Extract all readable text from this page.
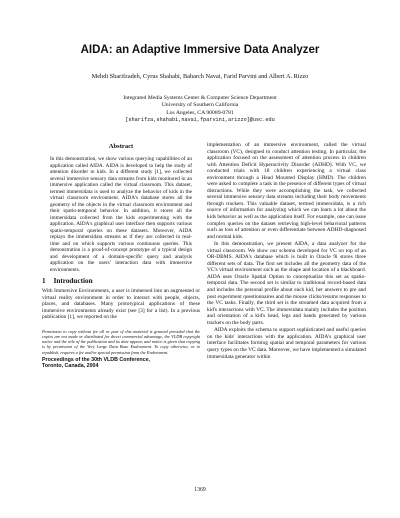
AIDA: an Adaptive Immersive Data Analyzer
Mehdi Sharifzadeh, Cyrus Shahabi, Baharch Navai, Farid Parvini and Albert A. Rizzo
Integrated Media Systems Center & Computer Science Department
University of Southern California
Los Angeles, CA 90089-0781
[sharifza,shahabi,navai,fparvini,arizzo]@usc.edu
Abstract

In this demonstration, we show various querying capabilities of an application called AIDA. AIDA is developed to help the study of attention disorder in kids. In a different study [1], we collected several immersive sensory data streams from kids monitored in an immersive application called the virtual classroom. This dataset, termed immersidata is used to analyze the behavior of kids in the virtual classroom environment. AIDA's database stores all the geometry of the objects in the virtual classroom environment and their spatio-temporal behavior. In addition, it stores all the immersidata collected from the kids experimenting with the application. AIDA's graphical user interface then supports various spatio-temporal queries on these datasets. Moreover, AIDA replays the immersidata streams as if they are collected in real-time and on which supports various continuous queries. This demonstration is a proof-of-concept prototype of a typical design and development of a domain-specific query and analysis application on the users' interaction data with immersive environments.

1 Introduction

With Immersive Environments, a user is immersed into an augmented or virtual reality environment in order to interact with people, objects, places, and databases. Many prototypical applications of these immersive environments already exist (see [3] for a list). In a previous publication [1], we reported on the

Permission to copy without fee all or part of this material is granted provided that the copies are not made or distributed for direct commercial advantage, the VLDB copyright notice and the title of the publication and its date appear, and notice is given that copying is by permission of the Very Large Data Base Endowment. To copy otherwise, or to republish, requires a fee and/or special permission from the Endowment.
Proceedings of the 30th VLDB Conference,
Toronto, Canada, 2004

implementation of an immersive environment, called the virtual classroom (VC), designed to conduct attention testing. In particular, the application focused on the assessment of attention process in children with Attention Deficit Hyperactivity Disorder (ADHD). With VC, we conducted trials with 18 children experiencing a virtual class environment through a Head Mounted Display (HMD). The children were asked to complete a task in the presence of different types of virtual distractions. While they were accomplishing the task, we collected several immersive sensory data streams including their body movements through trackers. This valuable dataset, termed immersidata, is a rich source of information for analyzing which we can learn a lot about the kids behavior as well as the application itself. For example, one can issue complex queries on the dataset retrieving high-level behavioral patterns such as loss of attention or even differentiate between ADHD-diagnosed and normal kids.

In this demonstration, we present AIDA, a data analyzer for the virtual classroom. We show our schema developed for VC on top of an OR-DBMS. AIDA's database which is built in Oracle 9i stores three different sets of data. The first set includes all the geometry data of the VC's virtual environment such as the shape and location of a blackboard. AIDA uses Oracle Spatial Option to conceptualize this set as spatio-temporal data. The second set is similar to traditional record-based data and includes the personal profile about each kid, her answers to pre and post experiment questionnaires and the mouse clicks/resums responses to the VC tasks. Finally, the third set is the streamed data acquired from a kid's interactions with VC. The immersidata mainly includes the position and orientation of a kid's head, legs and hands generated by various trackers on the body parts.

AIDA exploits the schema to support sophisticated and useful queries on the kids' interactions with the application. AIDA's graphical user interface facilitates forming spatial and temporal parameters for various query types on the VC data. Moreover, we have implemented a simulated immersidata generator within

1369
